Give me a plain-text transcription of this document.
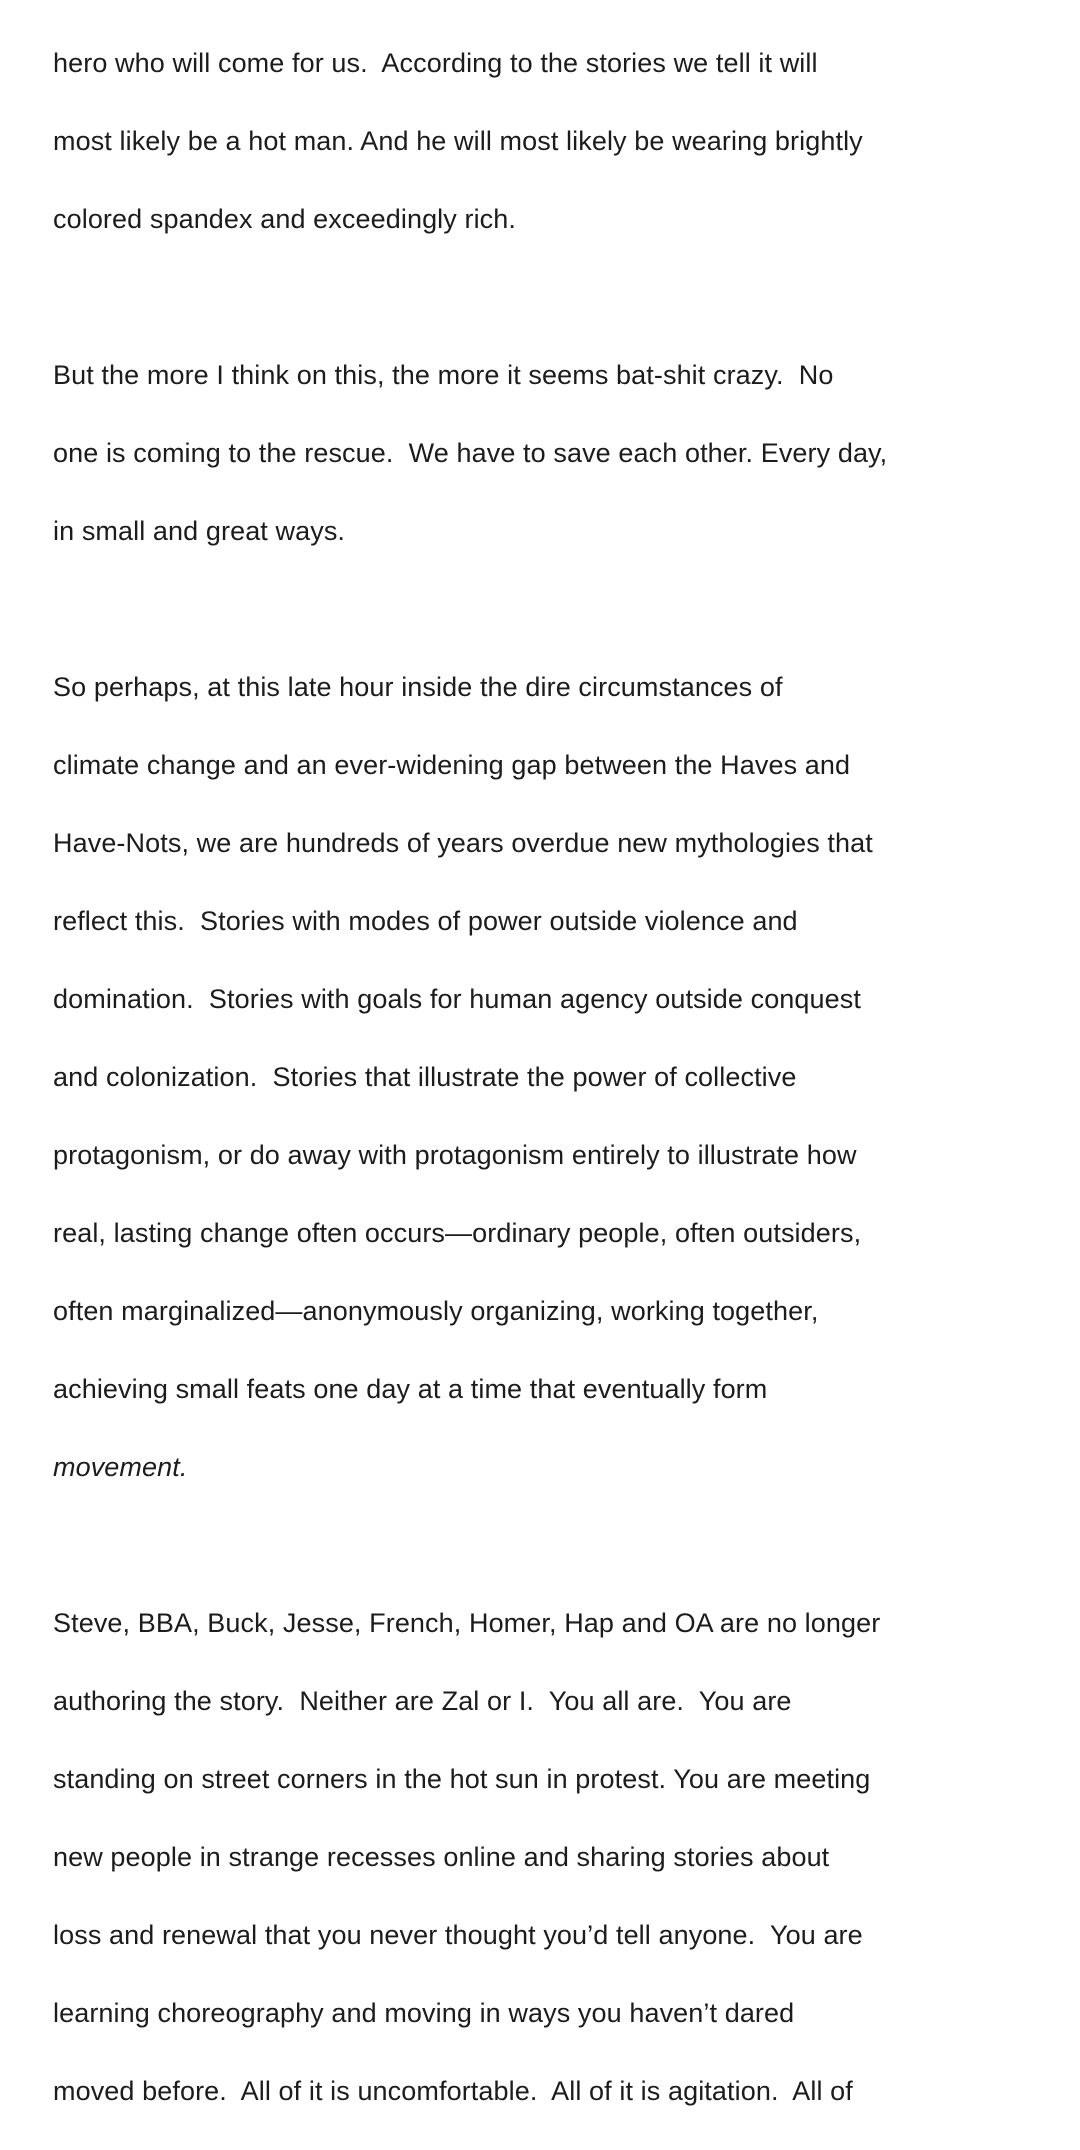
hero who will come for us.  According to the stories we tell it will

most likely be a hot man. And he will most likely be wearing brightly

colored spandex and exceedingly rich.

But the more I think on this, the more it seems bat-shit crazy.  No

one is coming to the rescue.  We have to save each other. Every day,

in small and great ways.

So perhaps, at this late hour inside the dire circumstances of

climate change and an ever-widening gap between the Haves and

Have-Nots, we are hundreds of years overdue new mythologies that

reflect this.  Stories with modes of power outside violence and

domination.  Stories with goals for human agency outside conquest

and colonization.  Stories that illustrate the power of collective

protagonism, or do away with protagonism entirely to illustrate how

real, lasting change often occurs—ordinary people, often outsiders,

often marginalized—anonymously organizing, working together,

achieving small feats one day at a time that eventually form

movement.

Steve, BBA, Buck, Jesse, French, Homer, Hap and OA are no longer

authoring the story.  Neither are Zal or I.  You all are.  You are

standing on street corners in the hot sun in protest. You are meeting

new people in strange recesses online and sharing stories about

loss and renewal that you never thought you’d tell anyone.  You are

learning choreography and moving in ways you haven’t dared

moved before.  All of it is uncomfortable.  All of it is agitation.  All of
